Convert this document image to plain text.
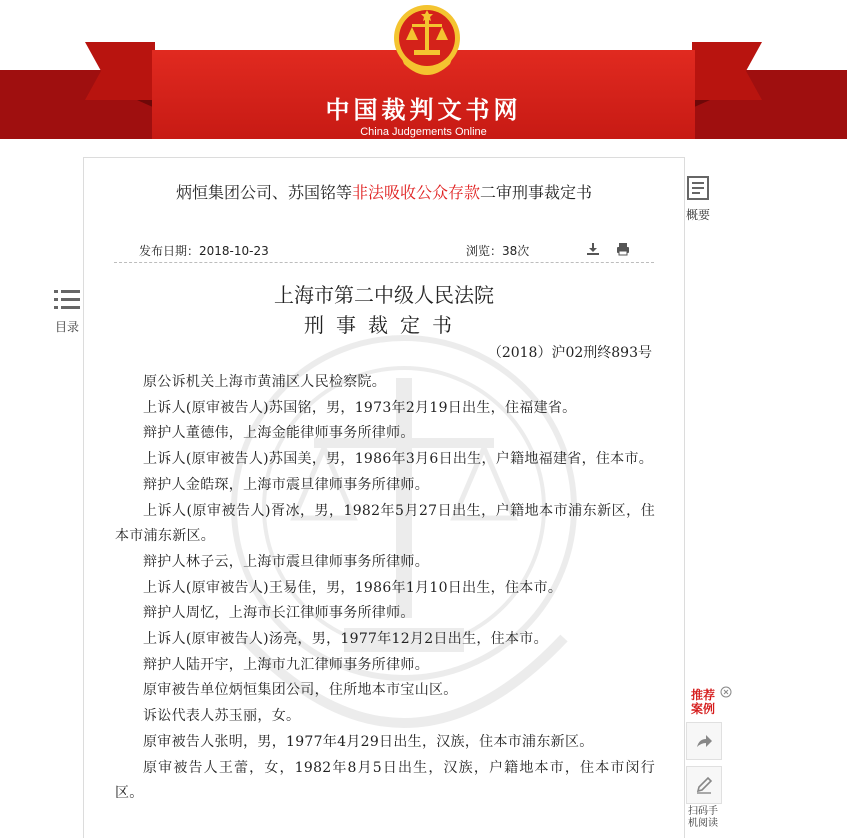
中国裁判文书网
China Judgements Online
目录
炳恒集团公司、苏国铭等非法吸收公众存款二审刑事裁定书
发布日期：2018-10-23	浏览：38次
上海市第二中级人民法院
刑事裁定书
（2018）沪02刑终893号

原公诉机关上海市黄浦区人民检察院。

上诉人(原审被告人)苏国铭，男，1973年2月19日出生，住福建省。

辩护人董德伟，上海金能律师事务所律师。

上诉人(原审被告人)苏国美，男，1986年3月6日出生，户籍地福建省，住本市。

辩护人金皓琛，上海市震旦律师事务所律师。

上诉人(原审被告人)胥冰，男，1982年5月27日出生，户籍地本市浦东新区，住本市浦东新区。

辩护人林子云，上海市震旦律师事务所律师。

上诉人(原审被告人)王易佳，男，1986年1月10日出生，住本市。

辩护人周忆，上海市长江律师事务所律师。

上诉人(原审被告人)汤亮，男，1977年12月2日出生，住本市。

辩护人陆开宇，上海市九汇律师事务所律师。

原审被告单位炳恒集团公司，住所地本市宝山区。

诉讼代表人苏玉丽，女。

原审被告人张明，男，1977年4月29日出生，汉族，住本市浦东新区。

原审被告人王蕾，女，1982年8月5日出生，汉族，户籍地本市，住本市闵行区。

概要
推荐案例
扫码手机阅读
